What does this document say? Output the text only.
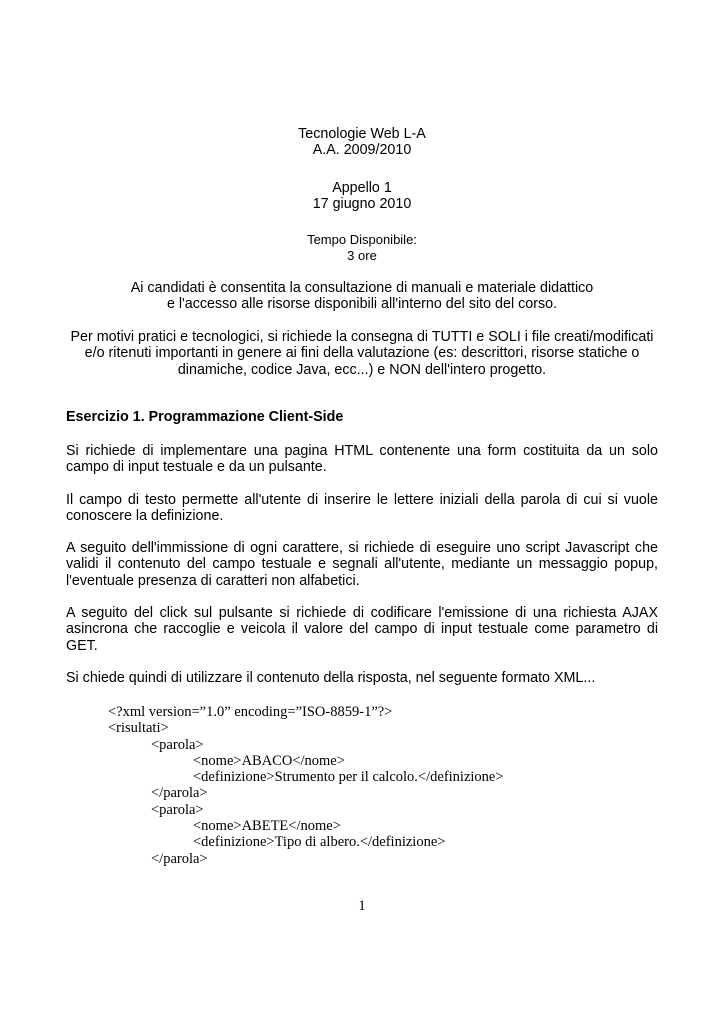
Tecnologie Web L-A
A.A. 2009/2010
Appello 1
17 giugno 2010
Tempo Disponibile:
3 ore
Ai candidati è consentita la consultazione di manuali e materiale didattico
e l'accesso alle risorse disponibili all'interno del sito del corso.
Per motivi pratici e tecnologici, si richiede la consegna di TUTTI e SOLI i file creati/modificati
e/o ritenuti importanti in genere ai fini della valutazione (es: descrittori, risorse statiche o
dinamiche, codice Java, ecc...) e NON dell'intero progetto.
Esercizio 1. Programmazione Client-Side
Si richiede di implementare una pagina HTML contenente una form costituita da un solo campo di input testuale e da un pulsante.
Il campo di testo permette all'utente di inserire le lettere iniziali della parola di cui si vuole conoscere la definizione.
A seguito dell'immissione di ogni carattere, si richiede di eseguire uno script Javascript che validi il contenuto del campo testuale e segnali all'utente, mediante un messaggio popup, l'eventuale presenza di caratteri non alfabetici.
A seguito del click sul pulsante si richiede di codificare l'emissione di una richiesta AJAX asincrona che raccoglie e veicola il valore del campo di input testuale come parametro di GET.
Si chiede quindi di utilizzare il contenuto della risposta, nel seguente formato XML...
<?xml version=”1.0” encoding=”ISO-8859-1”?>
<risultati>
<parola>
<nome>ABACO</nome>
<definizione>Strumento per il calcolo.</definizione>
</parola>
<parola>
<nome>ABETE</nome>
<definizione>Tipo di albero.</definizione>
</parola>
1
